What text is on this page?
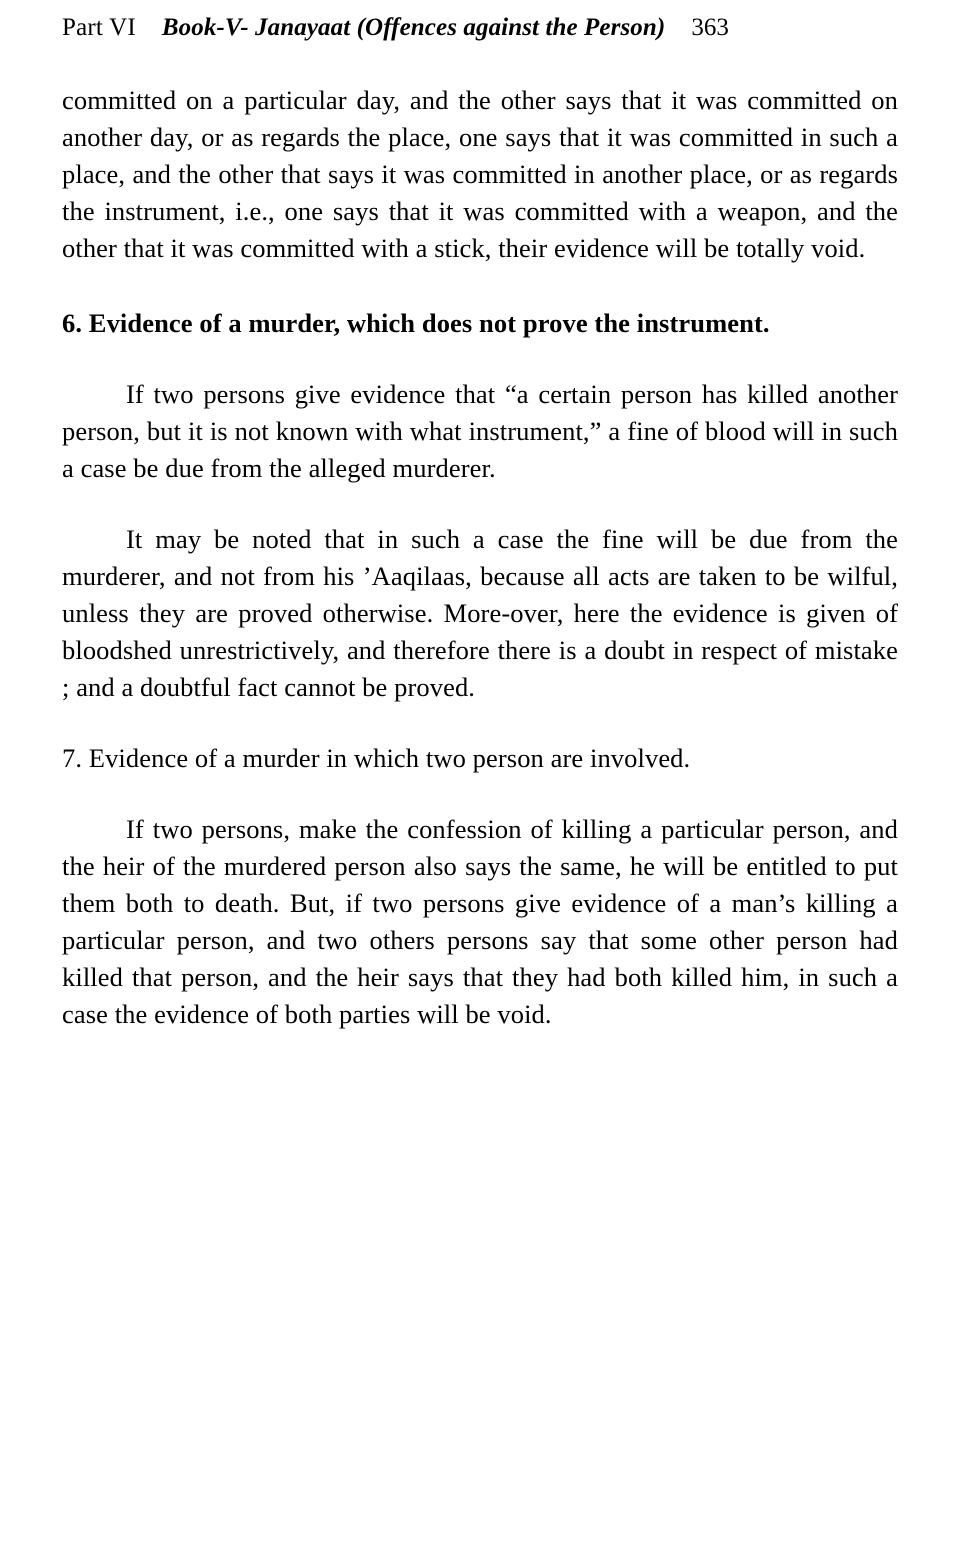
Part VI Book-V- Janayaat (Offences against the Person) 363

committed on a particular day, and the other says that it was committed on another day, or as regards the place, one says that it was committed in such a place, and the other that says it was committed in another place, or as regards the instrument, i.e., one says that it was committed with a weapon, and the other that it was committed with a stick, their evidence will be totally void.

6. Evidence of a murder, which does not prove the instrument.

If two persons give evidence that “a certain person has killed another person, but it is not known with what instrument,” a fine of blood will in such a case be due from the alleged murderer.

It may be noted that in such a case the fine will be due from the murderer, and not from his ’Aaqilaas, because all acts are taken to be wilful, unless they are proved otherwise. More-over, here the evidence is given of bloodshed unrestrictively, and therefore there is a doubt in respect of mistake ; and a doubtful fact cannot be proved.

7. Evidence of a murder in which two person are involved.

If two persons, make the confession of killing a particular person, and the heir of the murdered person also says the same, he will be entitled to put them both to death. But, if two persons give evidence of a man’s killing a particular person, and two others persons say that some other person had killed that person, and the heir says that they had both killed him, in such a case the evidence of both parties will be void.
